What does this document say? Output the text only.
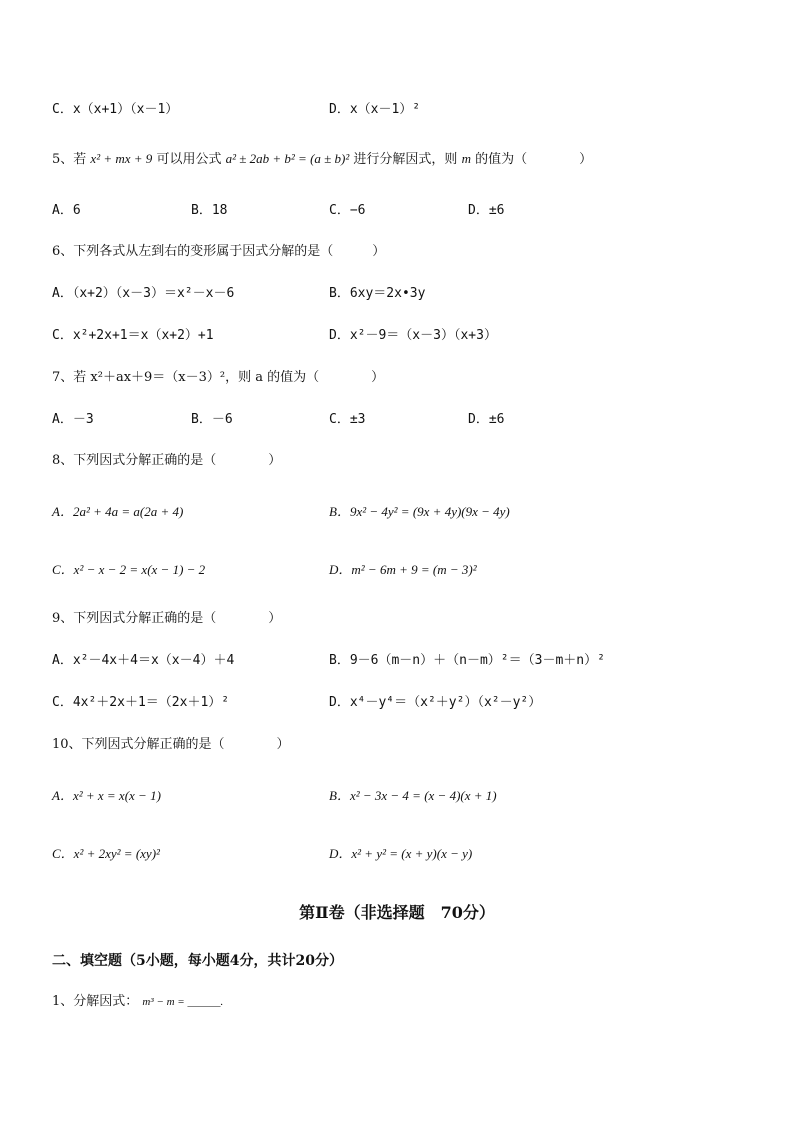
C．x（x+1）（x－1）	D．x（x－1）²
5、若 x² + mx + 9 可以用公式 a² ± 2ab + b² = (a ± b)² 进行分解因式，则 m 的值为（　　　　）
A．6	B．18	C．−6	D．±6
6、下列各式从左到右的变形属于因式分解的是（　　　）
A．（x+2）（x－3）＝x²－x－6	B．6xy＝2x•3y
C．x²+2x+1＝x（x+2）+1	D．x²－9＝（x－3）（x+3）
7、若 x²＋ax＋9＝（x－3）²，则 a 的值为（　　　　）
A．－3	B．－6	C．±3	D．±6
8、下列因式分解正确的是（　　　　）
A．2a² + 4a = a(2a + 4)	B．9x² − 4y² = (9x + 4y)(9x − 4y)
C．x² − x − 2 = x(x − 1) − 2	D．m² − 6m + 9 = (m − 3)²
9、下列因式分解正确的是（　　　　）
A．x²－4x＋4＝x（x－4）＋4	B．9－6（m－n）＋（n－m）²＝（3－m＋n）²
C．4x²＋2x＋1＝（2x＋1）²	D．x⁴－y⁴＝（x²＋y²）（x²－y²）
10、下列因式分解正确的是（　　　　）
A．x² + x = x(x − 1)	B．x² − 3x − 4 = (x − 4)(x + 1)
C．x² + 2xy² = (xy)²	D．x² + y² = (x + y)(x − y)
第Ⅱ卷（非选择题　70分）
二、填空题（5小题，每小题4分，共计20分）
1、分解因式： m³ − m = ______.
